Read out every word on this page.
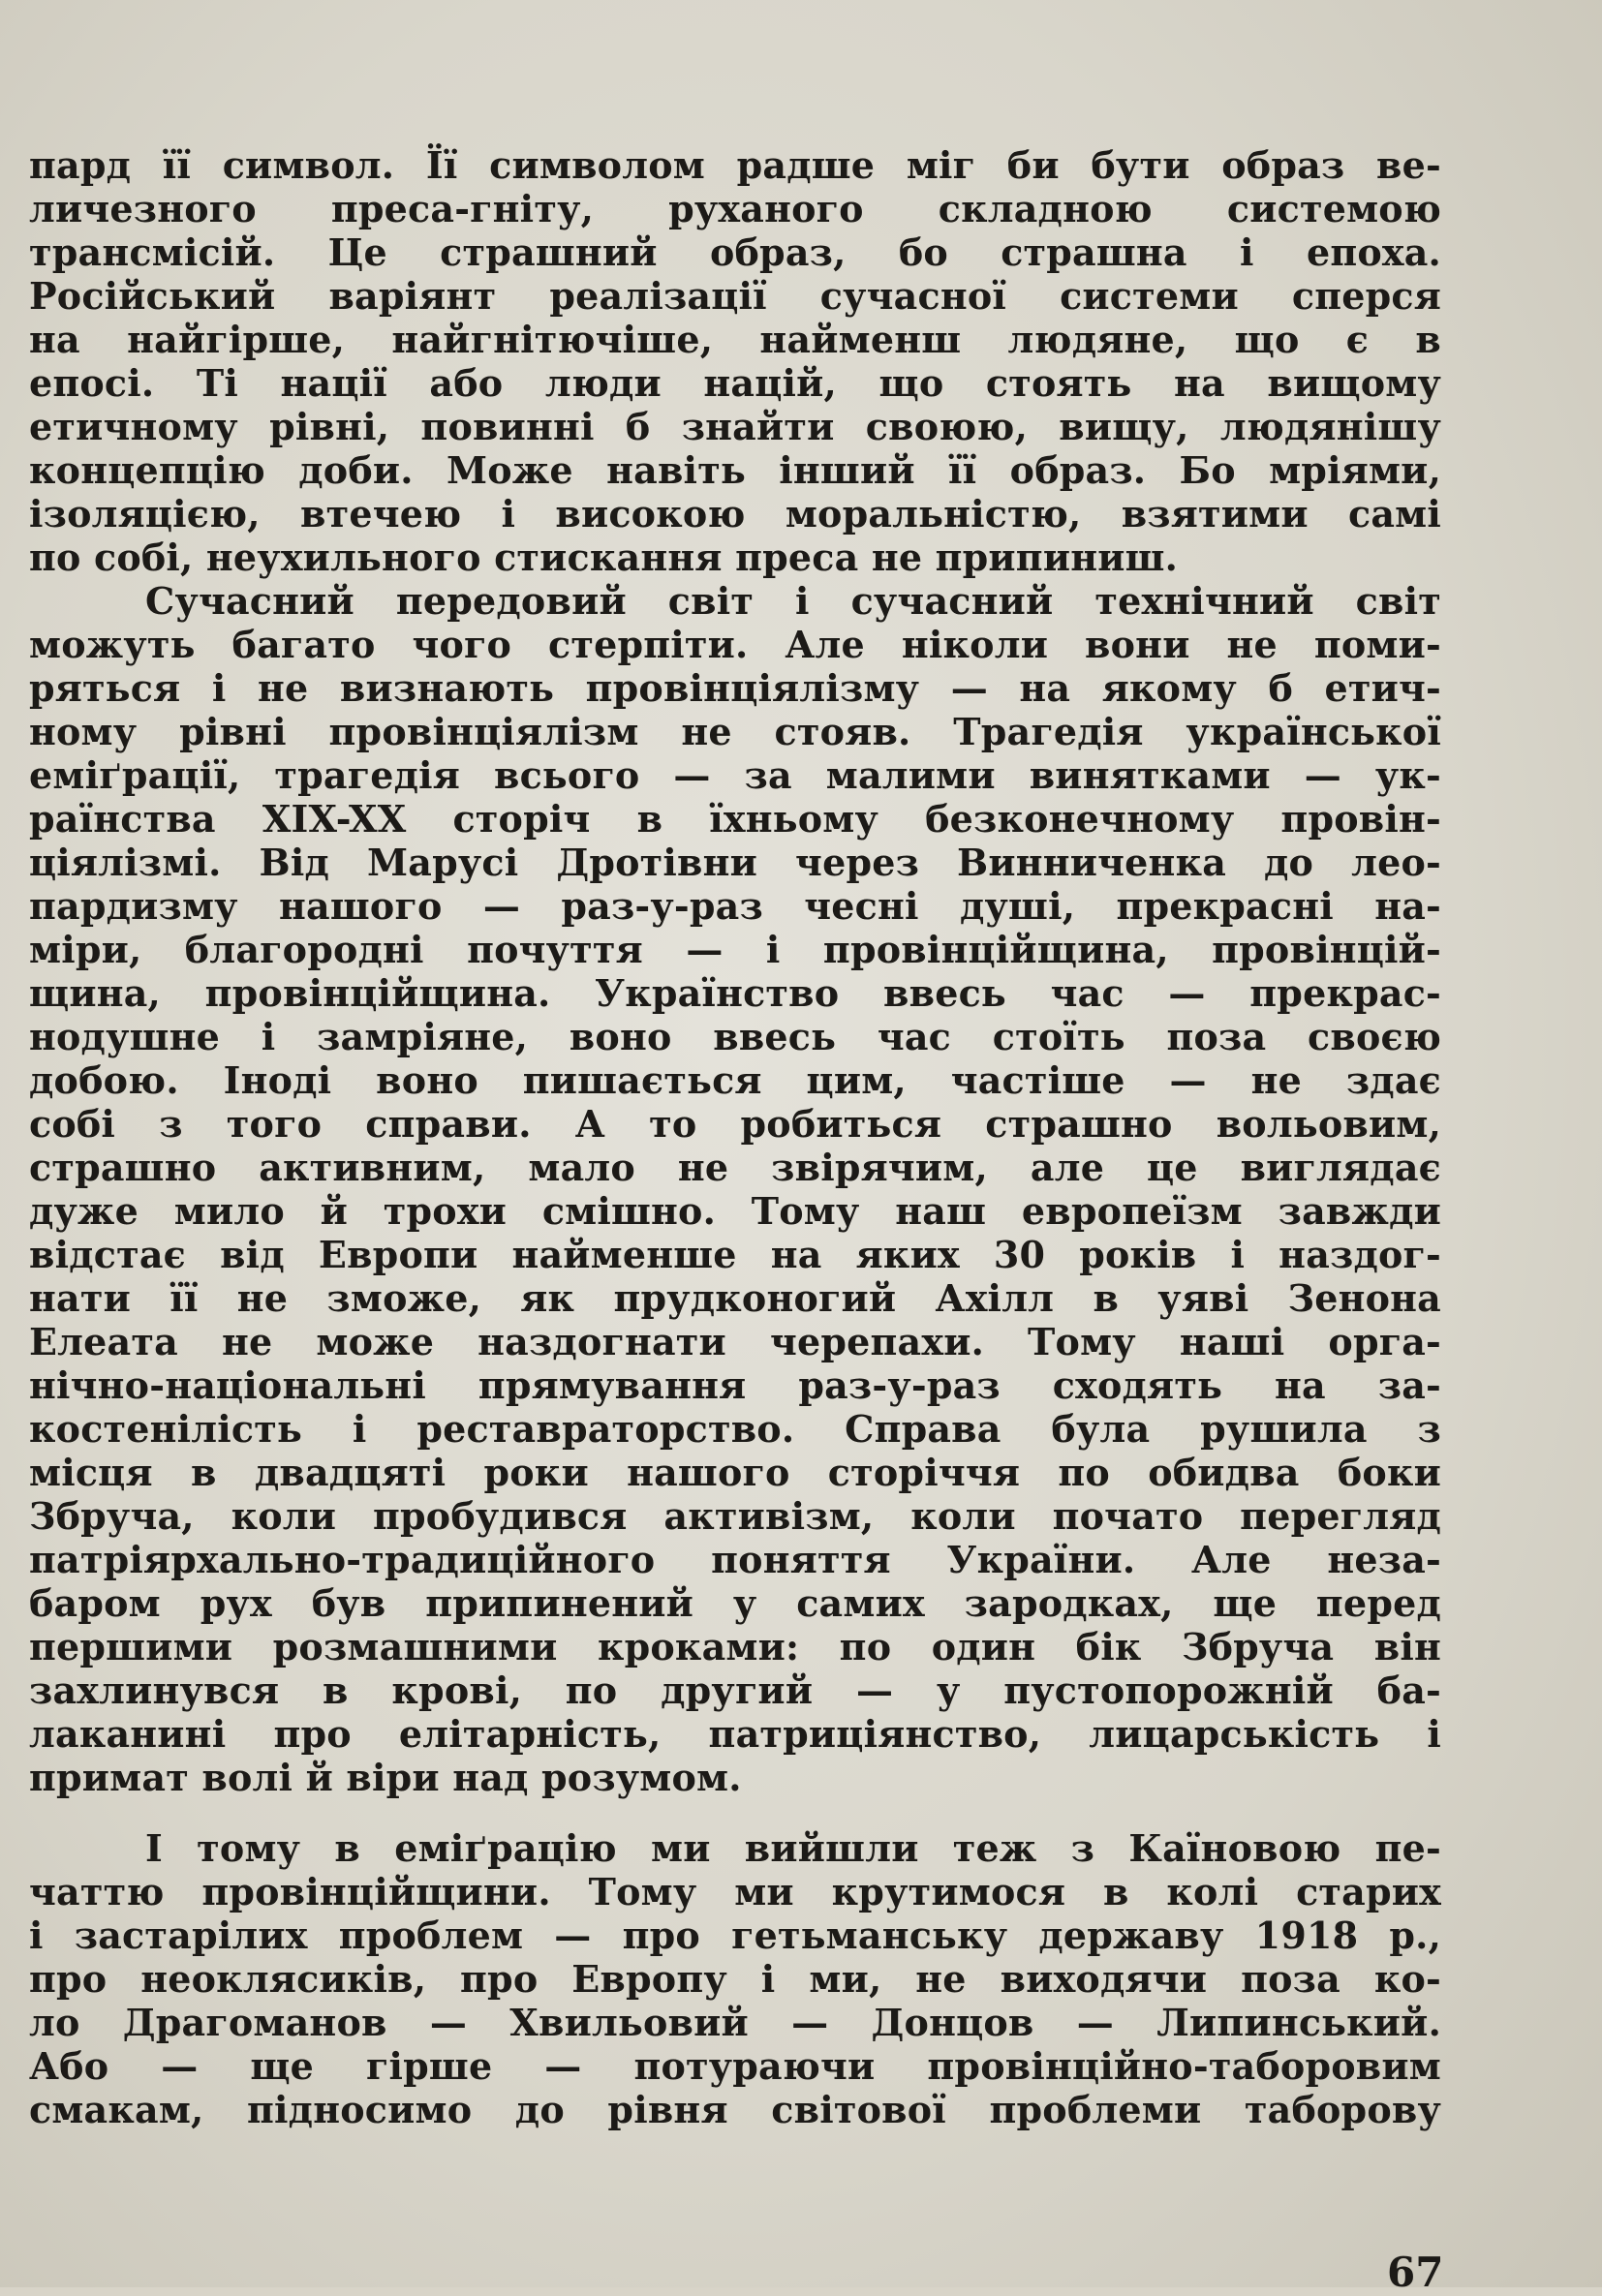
пард її символ. Її символом радше міг би бути образ ве-
личезного преса-гніту, руханого складною системою
трансмісій. Це страшний образ, бо страшна і епоха.
Російський варіянт реалізації сучасної системи сперся
на найгірше, найгнітючіше, найменш людяне, що є в
епосі. Ті нації або люди націй, що стоять на вищому
етичному рівні, повинні б знайти своюю, вищу, людянішу
концепцію доби. Може навіть інший її образ. Бо мріями,
ізоляцією, втечею і високою моральністю, взятими самі
по собі, неухильного стискання преса не припиниш.
Сучасний передовий світ і сучасний технічний світ
можуть багато чого стерпіти. Але ніколи вони не поми-
ряться і не визнають провінціялізму — на якому б етич-
ному рівні провінціялізм не стояв. Трагедія української
еміґрації, трагедія всього — за малими винятками — ук-
раїнства XIX-XX сторіч в їхньому безконечному провін-
ціялізмі. Від Марусі Дротівни через Винниченка до лео-
пардизму нашого — раз-у-раз чесні душі, прекрасні на-
міри, благородні почуття — і провінційщина, провінцій-
щина, провінційщина. Українство ввесь час — прекрас-
нодушне і замріяне, воно ввесь час стоїть поза своєю
добою. Іноді воно пишається цим, частіше — не здає
собі з того справи. А то робиться страшно вольовим,
страшно активним, мало не звірячим, але це виглядає
дуже мило й трохи смішно. Тому наш европеїзм завжди
відстає від Европи найменше на яких 30 років і наздог-
нати її не зможе, як прудконогий Ахілл в уяві Зенона
Елеата не може наздогнати черепахи. Тому наші орга-
нічно-національні прямування раз-у-раз сходять на за-
костенілість і реставраторство. Справа була рушила з
місця в двадцяті роки нашого сторіччя по обидва боки
Збруча, коли пробудився активізм, коли почато перегляд
патріярхально-традиційного поняття України. Але неза-
баром рух був припинений у самих зародках, ще перед
першими розмашними кроками: по один бік Збруча він
захлинувся в крові, по другий — у пустопорожній ба-
лаканині про елітарність, патриціянство, лицарськість і
примат волі й віри над розумом.
І тому в еміґрацію ми вийшли теж з Каїновою пе-
чаттю провінційщини. Тому ми крутимося в колі старих
і застарілих проблем — про гетьманську державу 1918 р.,
про неоклясиків, про Европу і ми, не виходячи поза ко-
ло Драгоманов — Хвильовий — Донцов — Липинський.
Або — ще гірше — потураючи провінційно-таборовим
смакам, підносимо до рівня світової проблеми таборову
67
